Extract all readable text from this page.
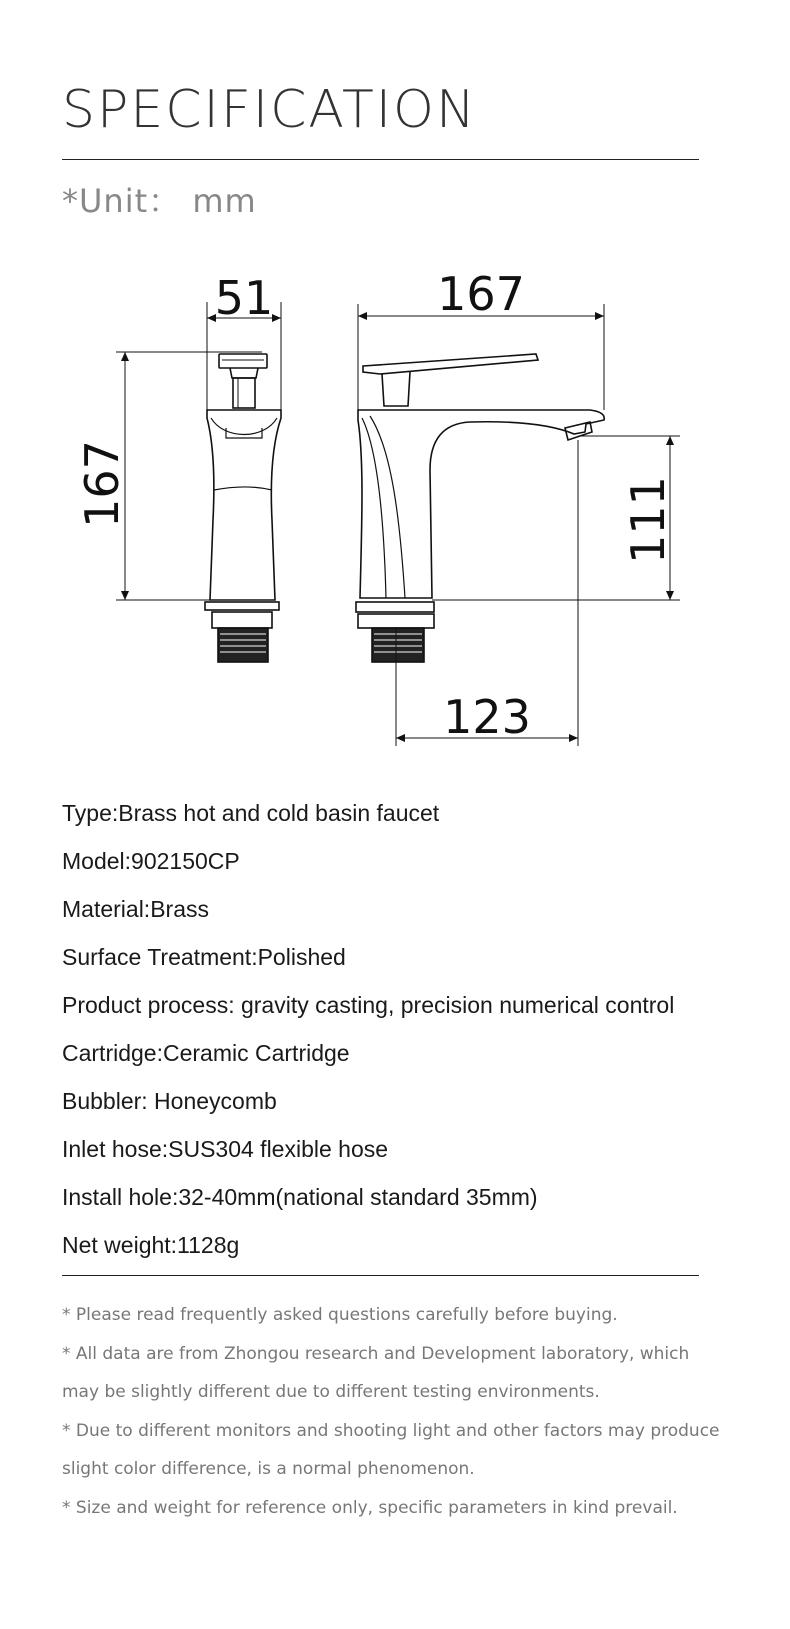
SPECIFICATION
*Unit： mm
51
167
167
111
123
Type:Brass hot and cold basin faucet
Model:902150CP
Material:Brass
Surface Treatment:Polished
Product process: gravity casting, precision numerical control
Cartridge:Ceramic Cartridge
Bubbler: Honeycomb
Inlet hose:SUS304 flexible hose
Install hole:32-40mm(national standard 35mm)
Net weight:1128g
* Please read frequently asked questions carefully before buying.
* All data are from Zhongou research and Development laboratory, which may be slightly different due to different testing environments.
* Due to different monitors and shooting light and other factors may produce slight color difference, is a normal phenomenon.
* Size and weight for reference only, specific parameters in kind prevail.
